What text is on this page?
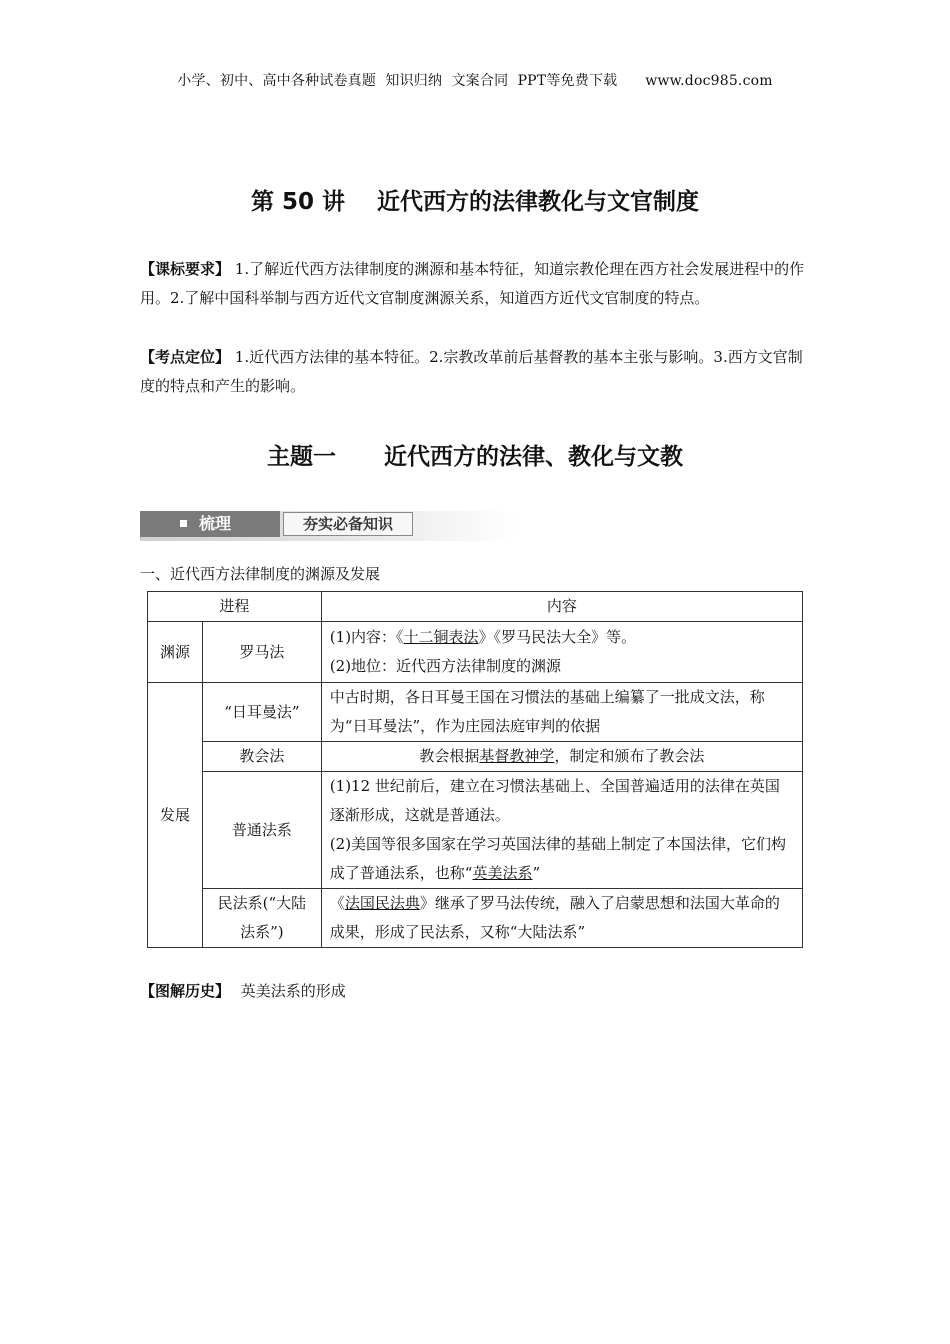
小学、初中、高中各种试卷真题  知识归纳  文案合同  PPT等免费下载      www.doc985.com
第 50 讲    近代西方的法律教化与文官制度
【课标要求】 1.了解近代西方法律制度的渊源和基本特征，知道宗教伦理在西方社会发展进程中的作用。2.了解中国科举制与西方近代文官制度渊源关系，知道西方近代文官制度的特点。
【考点定位】 1.近代西方法律的基本特征。2.宗教改革前后基督教的基本主张与影响。3.西方文官制度的特点和产生的影响。
主题一      近代西方的法律、教化与文教
梳理	夯实必备知识
一、近代西方法律制度的渊源及发展
进程		内容
渊源	罗马法	(1)内容：《十二铜表法》《罗马民法大全》等。
(2)地位：近代西方法律制度的渊源

发展	“日耳曼法”	中古时期，各日耳曼王国在习惯法的基础上编纂了一批成文法，称为“日耳曼法”，作为庄园法庭审判的依据
	教会法	教会根据基督教神学，制定和颁布了教会法
	普通法系	(1)12 世纪前后，建立在习惯法基础上、全国普遍适用的法律在英国逐渐形成，这就是普通法。
(2)美国等很多国家在学习英国法律的基础上制定了本国法律，它们构成了普通法系，也称“英美法系”

	民法系(“大陆法系”)	《法国民法典》继承了罗马法传统，融入了启蒙思想和法国大革命的成果，形成了民法系，又称“大陆法系”
【图解历史】 英美法系的形成
